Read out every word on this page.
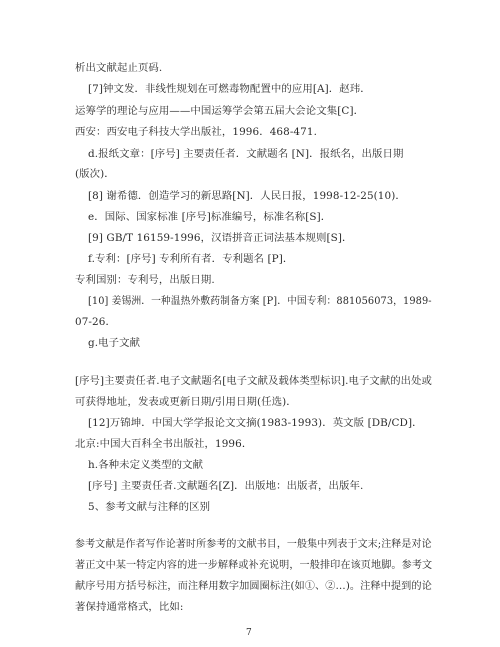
析出文献起止页码.
[7]钟文发．非线性规划在可燃毒物配置中的应用[A]．赵玮．
运筹学的理论与应用——中国运筹学会第五届大会论文集[C]．
西安：西安电子科技大学出版社，1996．468-471.
d.报纸文章：[序号] 主要责任者．文献题名 [N]．报纸名，出版日期
(版次)．
[8] 谢希德．创造学习的新思路[N]．人民日报，1998-12-25(10)．
e．国际、国家标准 [序号]标准编号，标准名称[S]．
[9] GB/T 16159-1996，汉语拼音正词法基本规则[S]．
f.专利：[序号] 专利所有者．专利题名 [P]．
专利国别：专利号，出版日期.
[10] 姜锡洲．一种温热外敷药制备方案 [P]．中国专利：881056073，1989-
07-26．
g.电子文献
[序号]主要责任者.电子文献题名[电子文献及载体类型标识].电子文献的出处或
可获得地址，发表或更新日期/引用日期(任选)．
[12]万锦坤．中国大学学报论文文摘(1983-1993)．英文版 [DB/CD]．
北京:中国大百科全书出版社，1996．
h.各种未定义类型的文献
[序号] 主要责任者.文献题名[Z]．出版地：出版者，出版年.
5、参考文献与注释的区别
参考文献是作者写作论著时所参考的文献书目，一般集中列表于文末;注释是对论
著正文中某一特定内容的进一步解释或补充说明，一般排印在该页地脚。参考文
献序号用方括号标注，而注释用数字加圆圈标注(如①、②…)。注释中提到的论
著保持通常格式，比如:
7
